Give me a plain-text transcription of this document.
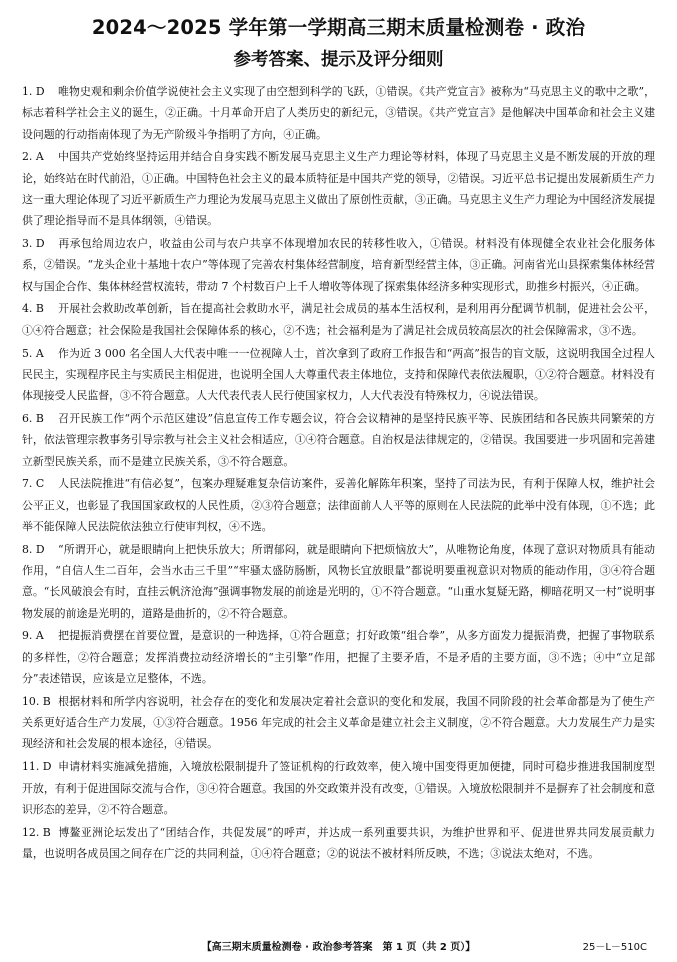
2024～2025 学年第一学期高三期末质量检测卷 · 政治
参考答案、提示及评分细则
1. D 唯物史观和剩余价值学说使社会主义实现了由空想到科学的飞跃，①错误。《共产党宣言》被称为“马克思主义的歌中之歌”，标志着科学社会主义的诞生，②正确。十月革命开启了人类历史的新纪元，③错误。《共产党宣言》是他解决中国革命和社会主义建设问题的行动指南体现了为无产阶级斗争指明了方向，④正确。
2. A 中国共产党始终坚持运用并结合自身实践不断发展马克思主义生产力理论等材料，体现了马克思主义是不断发展的开放的理论，始终站在时代前沿，①正确。中国特色社会主义的最本质特征是中国共产党的领导，②错误。习近平总书记提出发展新质生产力这一重大理论体现了习近平新质生产力理论为发展马克思主义做出了原创性贡献，③正确。马克思主义生产力理论为中国经济发展提供了理论指导而不是具体纲领，④错误。
3. D 再承包给周边农户，收益由公司与农户共享不体现增加农民的转移性收入，①错误。材料没有体现健全农业社会化服务体系，②错误。“龙头企业十基地十农户”等体现了完善农村集体经营制度，培育新型经营主体，③正确。河南省光山县探索集体林经营权与国企合作、集体林经营权流转，带动 7 个村数百户上千人增收等体现了探索集体经济多种实现形式，助推乡村振兴，④正确。
4. B 开展社会救助改革创新，旨在提高社会救助水平，满足社会成员的基本生活权利，是利用再分配调节机制，促进社会公平，①④符合题意；社会保险是我国社会保障体系的核心，②不选；社会福利是为了满足社会成员较高层次的社会保障需求，③不选。
5. A 作为近 3 000 名全国人大代表中唯一一位视障人士，首次拿到了政府工作报告和“两高”报告的盲文版，这说明我国全过程人民民主，实现程序民主与实质民主相促进，也说明全国人大尊重代表主体地位，支持和保障代表依法履职，①②符合题意。材料没有体现接受人民监督，③不符合题意。人大代表代表人民行使国家权力，人大代表没有特殊权力，④说法错误。
6. B 召开民族工作“两个示范区建设”信息宣传工作专题会议，符合会议精神的是坚持民族平等、民族团结和各民族共同繁荣的方针，依法管理宗教事务引导宗教与社会主义社会相适应，①④符合题意。自治权是法律规定的，②错误。我国要进一步巩固和完善建立新型民族关系，而不是建立民族关系，③不符合题意。
7. C 人民法院推进“有信必复”，包案办理疑难复杂信访案件，妥善化解陈年积案，坚持了司法为民，有利于保障人权，维护社会公平正义，也彰显了我国国家政权的人民性质，②③符合题意；法律面前人人平等的原则在人民法院的此举中没有体现，①不选；此举不能保障人民法院依法独立行使审判权，④不选。
8. D “所谓开心，就是眼睛向上把快乐放大；所谓郁闷，就是眼睛向下把烦恼放大”，从唯物论角度，体现了意识对物质具有能动作用，“自信人生二百年，会当水击三千里”“牢骚太盛防肠断，风物长宜放眼量”都说明要重视意识对物质的能动作用，③④符合题意。“长风破浪会有时，直挂云帆济沧海”强调事物发展的前途是光明的，①不符合题意。“山重水复疑无路，柳暗花明又一村”说明事物发展的前途是光明的，道路是曲折的，②不符合题意。
9. A 把提振消费摆在首要位置，是意识的一种选择，①符合题意；打好政策“组合拳”，从多方面发力提振消费，把握了事物联系的多样性，②符合题意；发挥消费拉动经济增长的“主引擎”作用，把握了主要矛盾，不是矛盾的主要方面，③不选；④中“立足部分”表述错误，应该是立足整体，不选。
10. B 根据材料和所学内容说明，社会存在的变化和发展决定着社会意识的变化和发展，我国不同阶段的社会革命都是为了使生产关系更好适合生产力发展，①③符合题意。1956 年完成的社会主义革命是建立社会主义制度，②不符合题意。大力发展生产力是实现经济和社会发展的根本途径，④错误。
11. D 申请材料实施减免措施，入境放松限制提升了签证机构的行政效率，使入境中国变得更加便捷，同时可稳步推进我国制度型开放，有利于促进国际交流与合作，③④符合题意。我国的外交政策并没有改变，①错误。入境放松限制并不是摒弃了社会制度和意识形态的差异，②不符合题意。
12. B 博鳌亚洲论坛发出了“团结合作，共促发展”的呼声，并达成一系列重要共识，为维护世界和平、促进世界共同发展贡献力量，也说明各成员国之间存在广泛的共同利益，①④符合题意；②的说法不被材料所反映，不选；③说法太绝对，不选。
【高三期末质量检测卷 · 政治参考答案　第 1 页（共 2 页）】	25－L－510C
